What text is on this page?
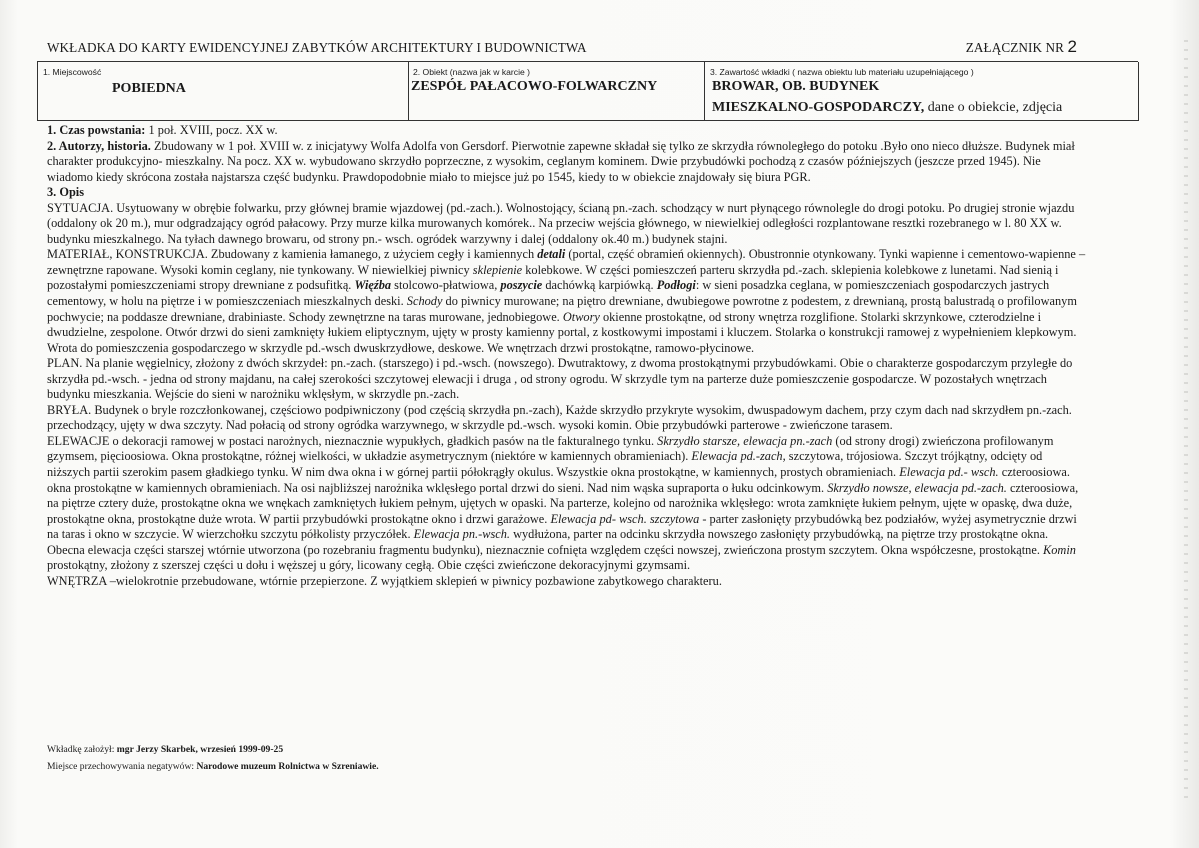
WKŁADKA DO KARTY EWIDENCYJNEJ ZABYTKÓW ARCHITEKTURY I BUDOWNICTWA	ZAŁĄCZNIK NR 2
1. Miejscowość
POBIEDNA
2. Obiekt (nazwa jak w karcie )
ZESPÓŁ PAŁACOWO-FOLWARCZNY
3. Zawartość wkładki ( nazwa obiektu lub materiału uzupełniającego )
BROWAR, OB. BUDYNEK
MIESZKALNO-GOSPODARCZY, dane o obiekcie, zdjęcia

1. Czas powstania: 1 poł. XVIII, pocz. XX w.

2. Autorzy, historia. Zbudowany w 1 poł. XVIII w. z inicjatywy Wolfa Adolfa von Gersdorf. Pierwotnie zapewne składał się tylko ze skrzydła równoległego do potoku .Było ono nieco dłuższe. Budynek miał charakter produkcyjno- mieszkalny. Na pocz. XX w. wybudowano skrzydło poprzeczne, z wysokim, ceglanym kominem. Dwie przybudówki pochodzą z czasów późniejszych (jeszcze przed 1945). Nie wiadomo kiedy skrócona została najstarsza część budynku. Prawdopodobnie miało to miejsce już po 1545, kiedy to w obiekcie znajdowały się biura PGR.

3. Opis

SYTUACJA. Usytuowany w obrębie folwarku, przy głównej bramie wjazdowej (pd.-zach.). Wolnostojący, ścianą pn.-zach. schodzący w nurt płynącego równolegle do drogi potoku. Po drugiej stronie wjazdu (oddalony ok 20 m.), mur odgradzający ogród pałacowy. Przy murze kilka murowanych komórek.. Na przeciw wejścia głównego, w niewielkiej odległości rozplantowane resztki rozebranego w l. 80 XX w. budynku mieszkalnego. Na tyłach dawnego browaru, od strony pn.- wsch. ogródek warzywny i dalej (oddalony ok.40 m.) budynek stajni.

MATERIAŁ, KONSTRUKCJA. Zbudowany z kamienia łamanego, z użyciem cegły i kamiennych detali (portal, część obramień okiennych). Obustronnie otynkowany. Tynki wapienne i cementowo-wapienne – zewnętrzne rapowane. Wysoki komin ceglany, nie tynkowany. W niewielkiej piwnicy sklepienie kolebkowe. W części pomieszczeń parteru skrzydła pd.-zach. sklepienia kolebkowe z lunetami. Nad sienią i pozostałymi pomieszczeniami stropy drewniane z podsufitką. Więźba stolcowo-płatwiowa, poszycie dachówką karpiówką. Podłogi: w sieni posadzka ceglana, w pomieszczeniach gospodarczych jastrych cementowy, w holu na piętrze i w pomieszczeniach mieszkalnych deski. Schody do piwnicy murowane; na piętro drewniane, dwubiegowe powrotne z podestem, z drewnianą, prostą balustradą o profilowanym pochwycie; na poddasze drewniane, drabiniaste. Schody zewnętrzne na taras murowane, jednobiegowe. Otwory okienne prostokątne, od strony wnętrza rozglifione. Stolarki skrzynkowe, czterodzielne i dwudzielne, zespolone. Otwór drzwi do sieni zamknięty łukiem eliptycznym, ujęty w prosty kamienny portal, z kostkowymi impostami i kluczem. Stolarka o konstrukcji ramowej z wypełnieniem klepkowym. Wrota do pomieszczenia gospodarczego w skrzydle pd.-wsch dwuskrzydłowe, deskowe. We wnętrzach drzwi prostokątne, ramowo-płycinowe.

PLAN. Na planie węgielnicy, złożony z dwóch skrzydeł: pn.-zach. (starszego) i pd.-wsch. (nowszego). Dwutraktowy, z dwoma prostokątnymi przybudówkami. Obie o charakterze gospodarczym przyległe do skrzydła pd.-wsch. - jedna od strony majdanu, na całej szerokości szczytowej elewacji i druga , od strony ogrodu. W skrzydle tym na parterze duże pomieszczenie gospodarcze. W pozostałych wnętrzach budynku mieszkania. Wejście do sieni w narożniku wklęsłym, w skrzydle pn.-zach.

BRYŁA. Budynek o bryle rozczłonkowanej, częściowo podpiwniczony (pod częścią skrzydła pn.-zach), Każde skrzydło przykryte wysokim, dwuspadowym dachem, przy czym dach nad skrzydłem pn.-zach. przechodzący, ujęty w dwa szczyty. Nad połacią od strony ogródka warzywnego, w skrzydle pd.-wsch. wysoki komin. Obie przybudówki parterowe - zwieńczone tarasem.

ELEWACJE o dekoracji ramowej w postaci narożnych, nieznacznie wypukłych, gładkich pasów na tle fakturalnego tynku. Skrzydło starsze, elewacja pn.-zach (od strony drogi) zwieńczona profilowanym gzymsem, pięcioosiowa. Okna prostokątne, różnej wielkości, w układzie asymetrycznym (niektóre w kamiennych obramieniach). Elewacja pd.-zach, szczytowa, trójosiowa. Szczyt trójkątny, odcięty od niższych partii szerokim pasem gładkiego tynku. W nim dwa okna i w górnej partii półokrągły okulus. Wszystkie okna prostokątne, w kamiennych, prostych obramieniach. Elewacja pd.- wsch. czteroosiowa. okna prostokątne w kamiennych obramieniach. Na osi najbliższej narożnika wklęsłego portal drzwi do sieni. Nad nim wąska supraporta o łuku odcinkowym. Skrzydło nowsze, elewacja pd.-zach. czteroosiowa, na piętrze cztery duże, prostokątne okna we wnękach zamkniętych łukiem pełnym, ujętych w opaski. Na parterze, kolejno od narożnika wklęsłego: wrota zamknięte łukiem pełnym, ujęte w opaskę, dwa duże, prostokątne okna, prostokątne duże wrota. W partii przybudówki prostokątne okno i drzwi garażowe. Elewacja pd- wsch. szczytowa - parter zasłonięty przybudówką bez podziałów, wyżej asymetrycznie drzwi na taras i okno w szczycie. W wierzchołku szczytu półkolisty przyczółek. Elewacja pn.-wsch. wydłużona, parter na odcinku skrzydła nowszego zasłonięty przybudówką, na piętrze trzy prostokątne okna. Obecna elewacja części starszej wtórnie utworzona (po rozebraniu fragmentu budynku), nieznacznie cofnięta względem części nowszej, zwieńczona prostym szczytem. Okna współczesne, prostokątne. Komin prostokątny, złożony z szerszej części u dołu i węższej u góry, licowany cegłą. Obie części zwieńczone dekoracyjnymi gzymsami.

WNĘTRZA –wielokrotnie przebudowane, wtórnie przepierzone. Z wyjątkiem sklepień w piwnicy pozbawione zabytkowego charakteru.

Wkładkę założył: mgr Jerzy Skarbek, wrzesień 1999-09-25
Miejsce przechowywania negatywów: Narodowe muzeum Rolnictwa w Szreniawie.
